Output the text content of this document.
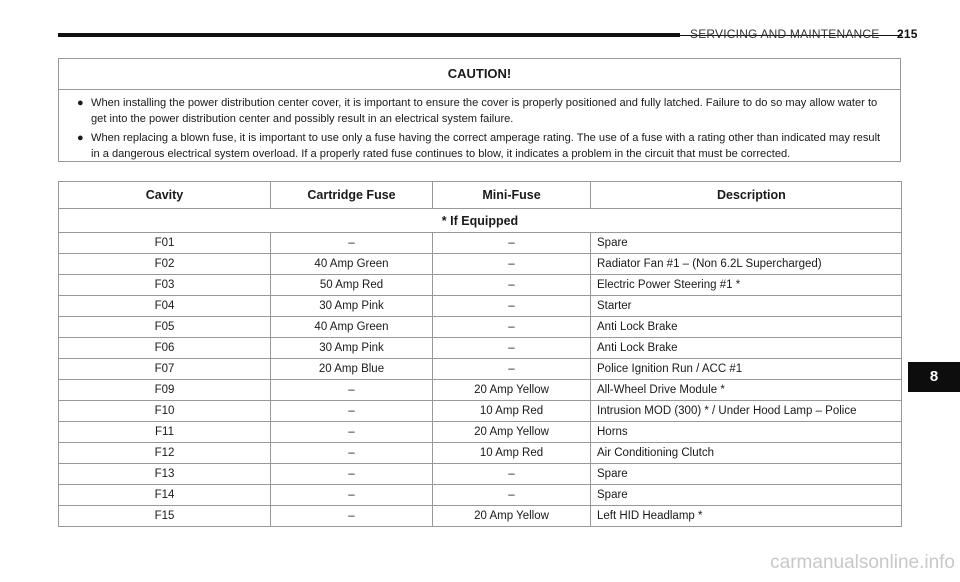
SERVICING AND MAINTENANCE 215
CAUTION!
● When installing the power distribution center cover, it is important to ensure the cover is properly positioned and fully latched. Failure to do so may allow water to get into the power distribution center and possibly result in an electrical system failure.
● When replacing a blown fuse, it is important to use only a fuse having the correct amperage rating. The use of a fuse with a rating other than indicated may result in a dangerous electrical system overload. If a properly rated fuse continues to blow, it indicates a problem in the circuit that must be corrected.
Cavity	Cartridge Fuse	Mini-Fuse	Description
* If Equipped			
F01	–	–	Spare
F02	40 Amp Green	–	Radiator Fan #1 – (Non 6.2L Supercharged)
F03	50 Amp Red	–	Electric Power Steering #1 *
F04	30 Amp Pink	–	Starter
F05	40 Amp Green	–	Anti Lock Brake
F06	30 Amp Pink	–	Anti Lock Brake
F07	20 Amp Blue	–	Police Ignition Run / ACC #1
F09	–	20 Amp Yellow	All-Wheel Drive Module *
F10	–	10 Amp Red	Intrusion MOD (300) * / Under Hood Lamp – Police
F11	–	20 Amp Yellow	Horns
F12	–	10 Amp Red	Air Conditioning Clutch
F13	–	–	Spare
F14	–	–	Spare
F15	–	20 Amp Yellow	Left HID Headlamp *
8
carmanualsonline.info
